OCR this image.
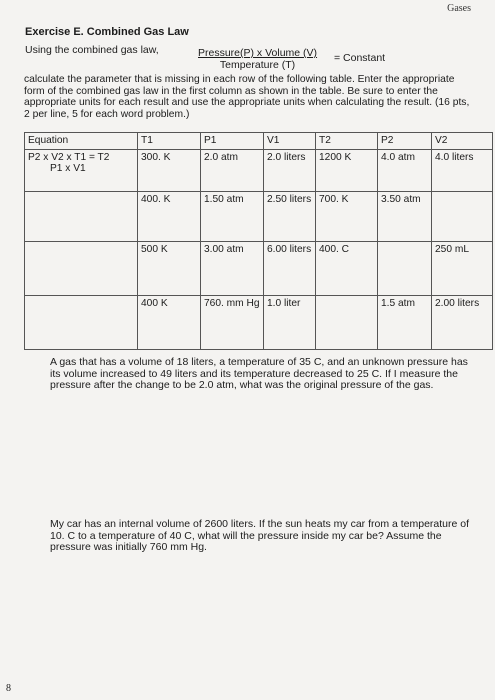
Gases
Exercise E. Combined Gas Law
Using the combined gas law,	Pressure(P) x Volume (V)
Temperature (T)
= Constant
calculate the parameter that is missing in each row of the following table. Enter the appropriate form of the combined gas law in the first column as shown in the table. Be sure to enter the appropriate units for each result and use the appropriate units when calculating the result. (16 pts, 2 per line, 5 for each word problem.)
Equation	T1	P1	V1	T2	P2	V2

P2 x V2 x T1 = T2
P1 x V1	300. K	2.0 atm	2.0 liters	1200 K	4.0 atm	4.0 liters
	400. K	1.50 atm	2.50 liters	700. K	3.50 atm	
	500 K	3.00 atm	6.00 liters	400. C		250 mL
	400 K	760. mm Hg	1.0 liter		1.5 atm	2.00 liters
A gas that has a volume of 18 liters, a temperature of 35 C, and an unknown pressure has its volume increased to 49 liters and its temperature decreased to 25 C. If I measure the pressure after the change to be 2.0 atm, what was the original pressure of the gas.
My car has an internal volume of 2600 liters. If the sun heats my car from a temperature of 10. C to a temperature of 40 C, what will the pressure inside my car be? Assume the pressure was initially 760 mm Hg.
8
